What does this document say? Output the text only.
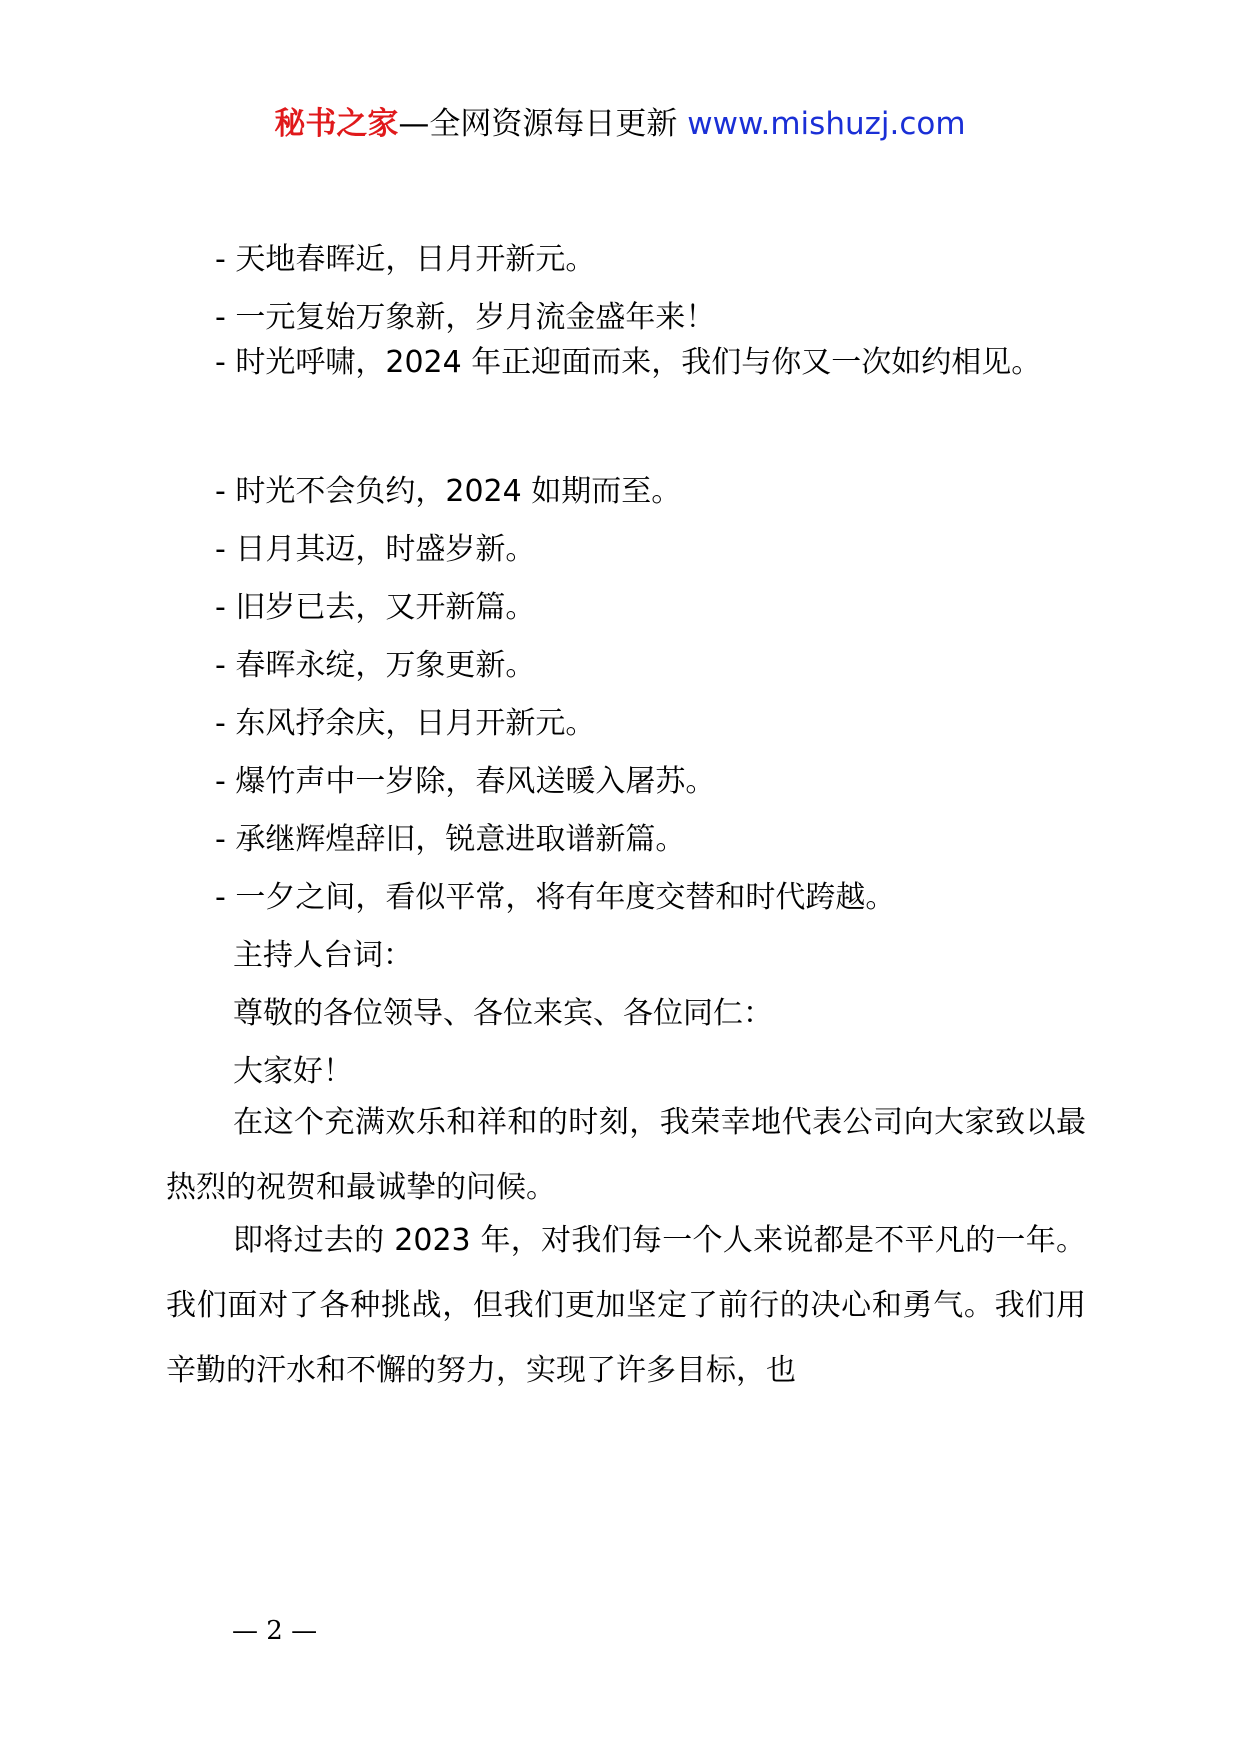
秘书之家—全网资源每日更新 www.mishuzj.com
- 天地春晖近，日月开新元。
- 一元复始万象新，岁月流金盛年来！
- 时光呼啸，2024 年正迎面而来，我们与你又一次如约相见。
- 时光不会负约，2024 如期而至。
- 日月其迈，时盛岁新。
- 旧岁已去，又开新篇。
- 春晖永绽，万象更新。
- 东风抒余庆，日月开新元。
- 爆竹声中一岁除，春风送暖入屠苏。
- 承继辉煌辞旧，锐意进取谱新篇。
- 一夕之间，看似平常，将有年度交替和时代跨越。
主持人台词：
尊敬的各位领导、各位来宾、各位同仁：
大家好！
在这个充满欢乐和祥和的时刻，我荣幸地代表公司向大家致以最热烈的祝贺和最诚挚的问候。
即将过去的 2023 年，对我们每一个人来说都是不平凡的一年。我们面对了各种挑战，但我们更加坚定了前行的决心和勇气。我们用辛勤的汗水和不懈的努力，实现了许多目标，也
— 2 —
